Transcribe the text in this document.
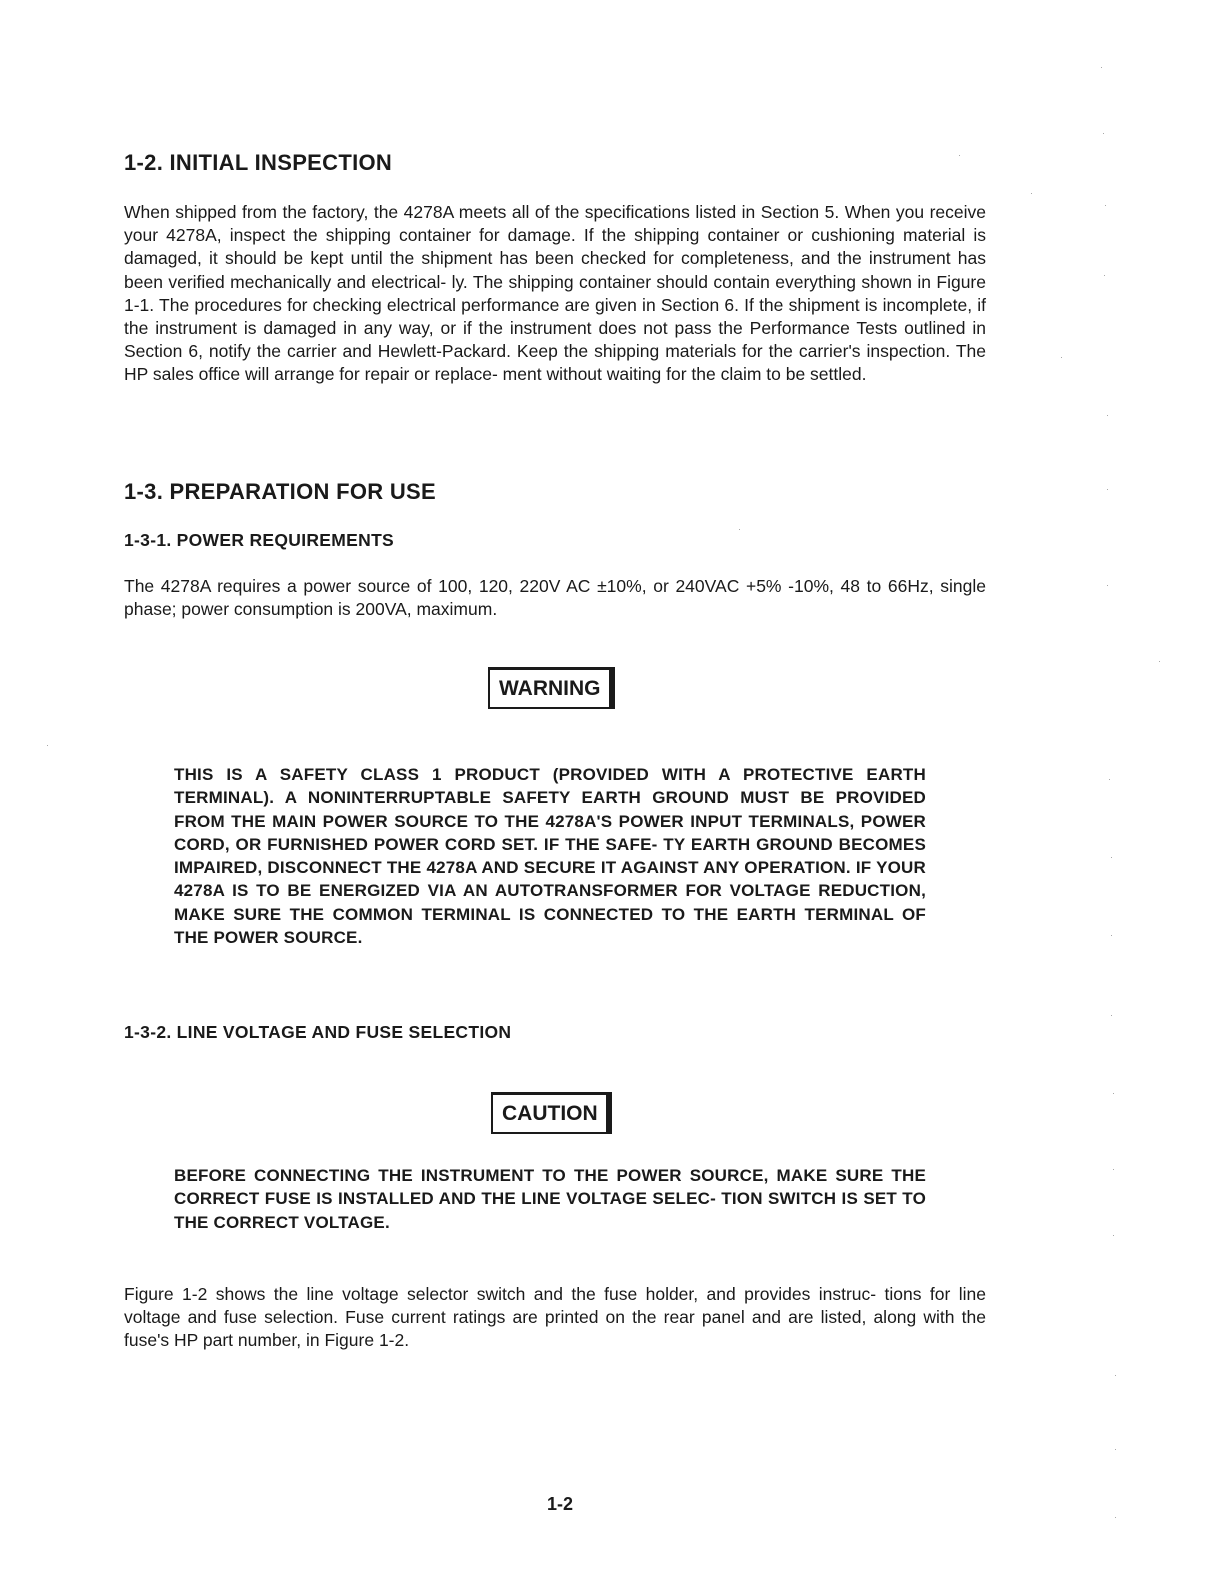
1-2. INITIAL INSPECTION

When shipped from the factory, the 4278A meets all of the specifications listed in Section 5. When you receive your 4278A, inspect the shipping container for damage. If the shipping container or cushioning material is damaged, it should be kept until the shipment has been checked for completeness, and the instrument has been verified mechanically and electrical- ly. The shipping container should contain everything shown in Figure 1-1. The procedures for checking electrical performance are given in Section 6. If the shipment is incomplete, if the instrument is damaged in any way, or if the instrument does not pass the Performance Tests outlined in Section 6, notify the carrier and Hewlett-Packard. Keep the shipping materials for the carrier's inspection. The HP sales office will arrange for repair or replace- ment without waiting for the claim to be settled.

1-3. PREPARATION FOR USE
1-3-1. POWER REQUIREMENTS

The 4278A requires a power source of 100, 120, 220V AC ±10%, or 240VAC +5% -10%, 48 to 66Hz, single phase; power consumption is 200VA, maximum.

WARNING

THIS IS A SAFETY CLASS 1 PRODUCT (PROVIDED WITH A PROTECTIVE EARTH TERMINAL). A NONINTERRUPTABLE SAFETY EARTH GROUND MUST BE PROVIDED FROM THE MAIN POWER SOURCE TO THE 4278A'S POWER INPUT TERMINALS, POWER CORD, OR FURNISHED POWER CORD SET. IF THE SAFE- TY EARTH GROUND BECOMES IMPAIRED, DISCONNECT THE 4278A AND SECURE IT AGAINST ANY OPERATION. IF YOUR 4278A IS TO BE ENERGIZED VIA AN AUTOTRANSFORMER FOR VOLTAGE REDUCTION, MAKE SURE THE COMMON TERMINAL IS CONNECTED TO THE EARTH TERMINAL OF THE POWER SOURCE.

1-3-2. LINE VOLTAGE AND FUSE SELECTION
CAUTION

BEFORE CONNECTING THE INSTRUMENT TO THE POWER SOURCE, MAKE SURE THE CORRECT FUSE IS INSTALLED AND THE LINE VOLTAGE SELEC- TION SWITCH IS SET TO THE CORRECT VOLTAGE.

Figure 1-2 shows the line voltage selector switch and the fuse holder, and provides instruc- tions for line voltage and fuse selection. Fuse current ratings are printed on the rear panel and are listed, along with the fuse's HP part number, in Figure 1-2.

1-2

·
·
·
·
·
·
·
·
·
·
·
·
·
·
·
·
·
·
·
·
·
·
·
